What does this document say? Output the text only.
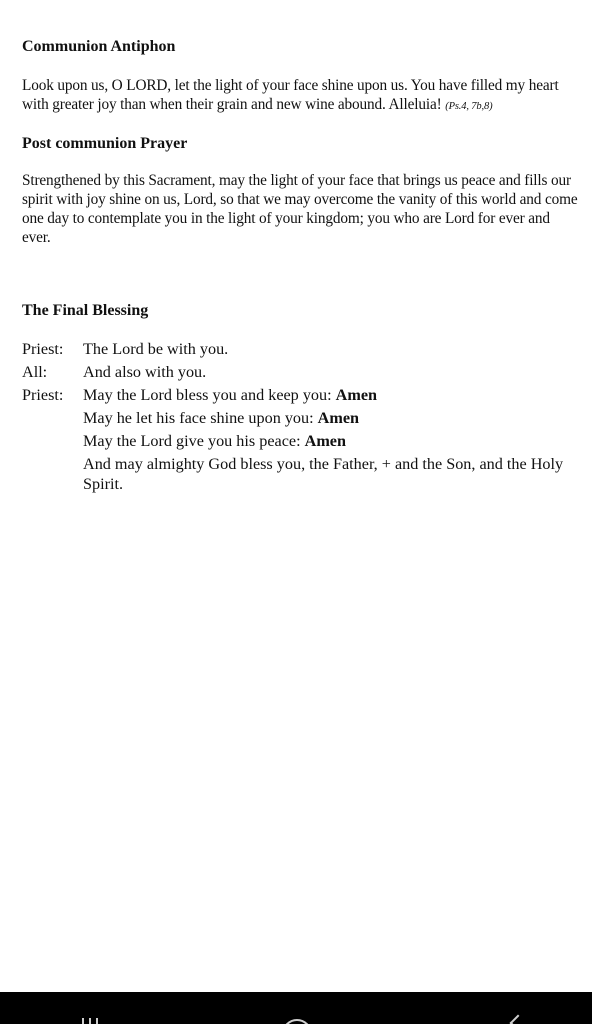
Communion Antiphon
Look upon us, O LORD, let the light of your face shine upon us. You have filled my heart with greater joy than when their grain and new wine abound. Alleluia! (Ps.4, 7b,8)
Post communion Prayer
Strengthened by this Sacrament, may the light of your face that brings us peace and fills our spirit with joy shine on us, Lord, so that we may overcome the vanity of this world and come one day to contemplate you in the light of your kingdom; you who are Lord for ever and ever.
The Final Blessing
Priest:	The Lord be with you.
All:	And also with you.
Priest:	May the Lord bless you and keep you: Amen
May he let his face shine upon you: Amen
May the Lord give you his peace: Amen
And may almighty God bless you, the Father, + and the Son, and the Holy Spirit.
